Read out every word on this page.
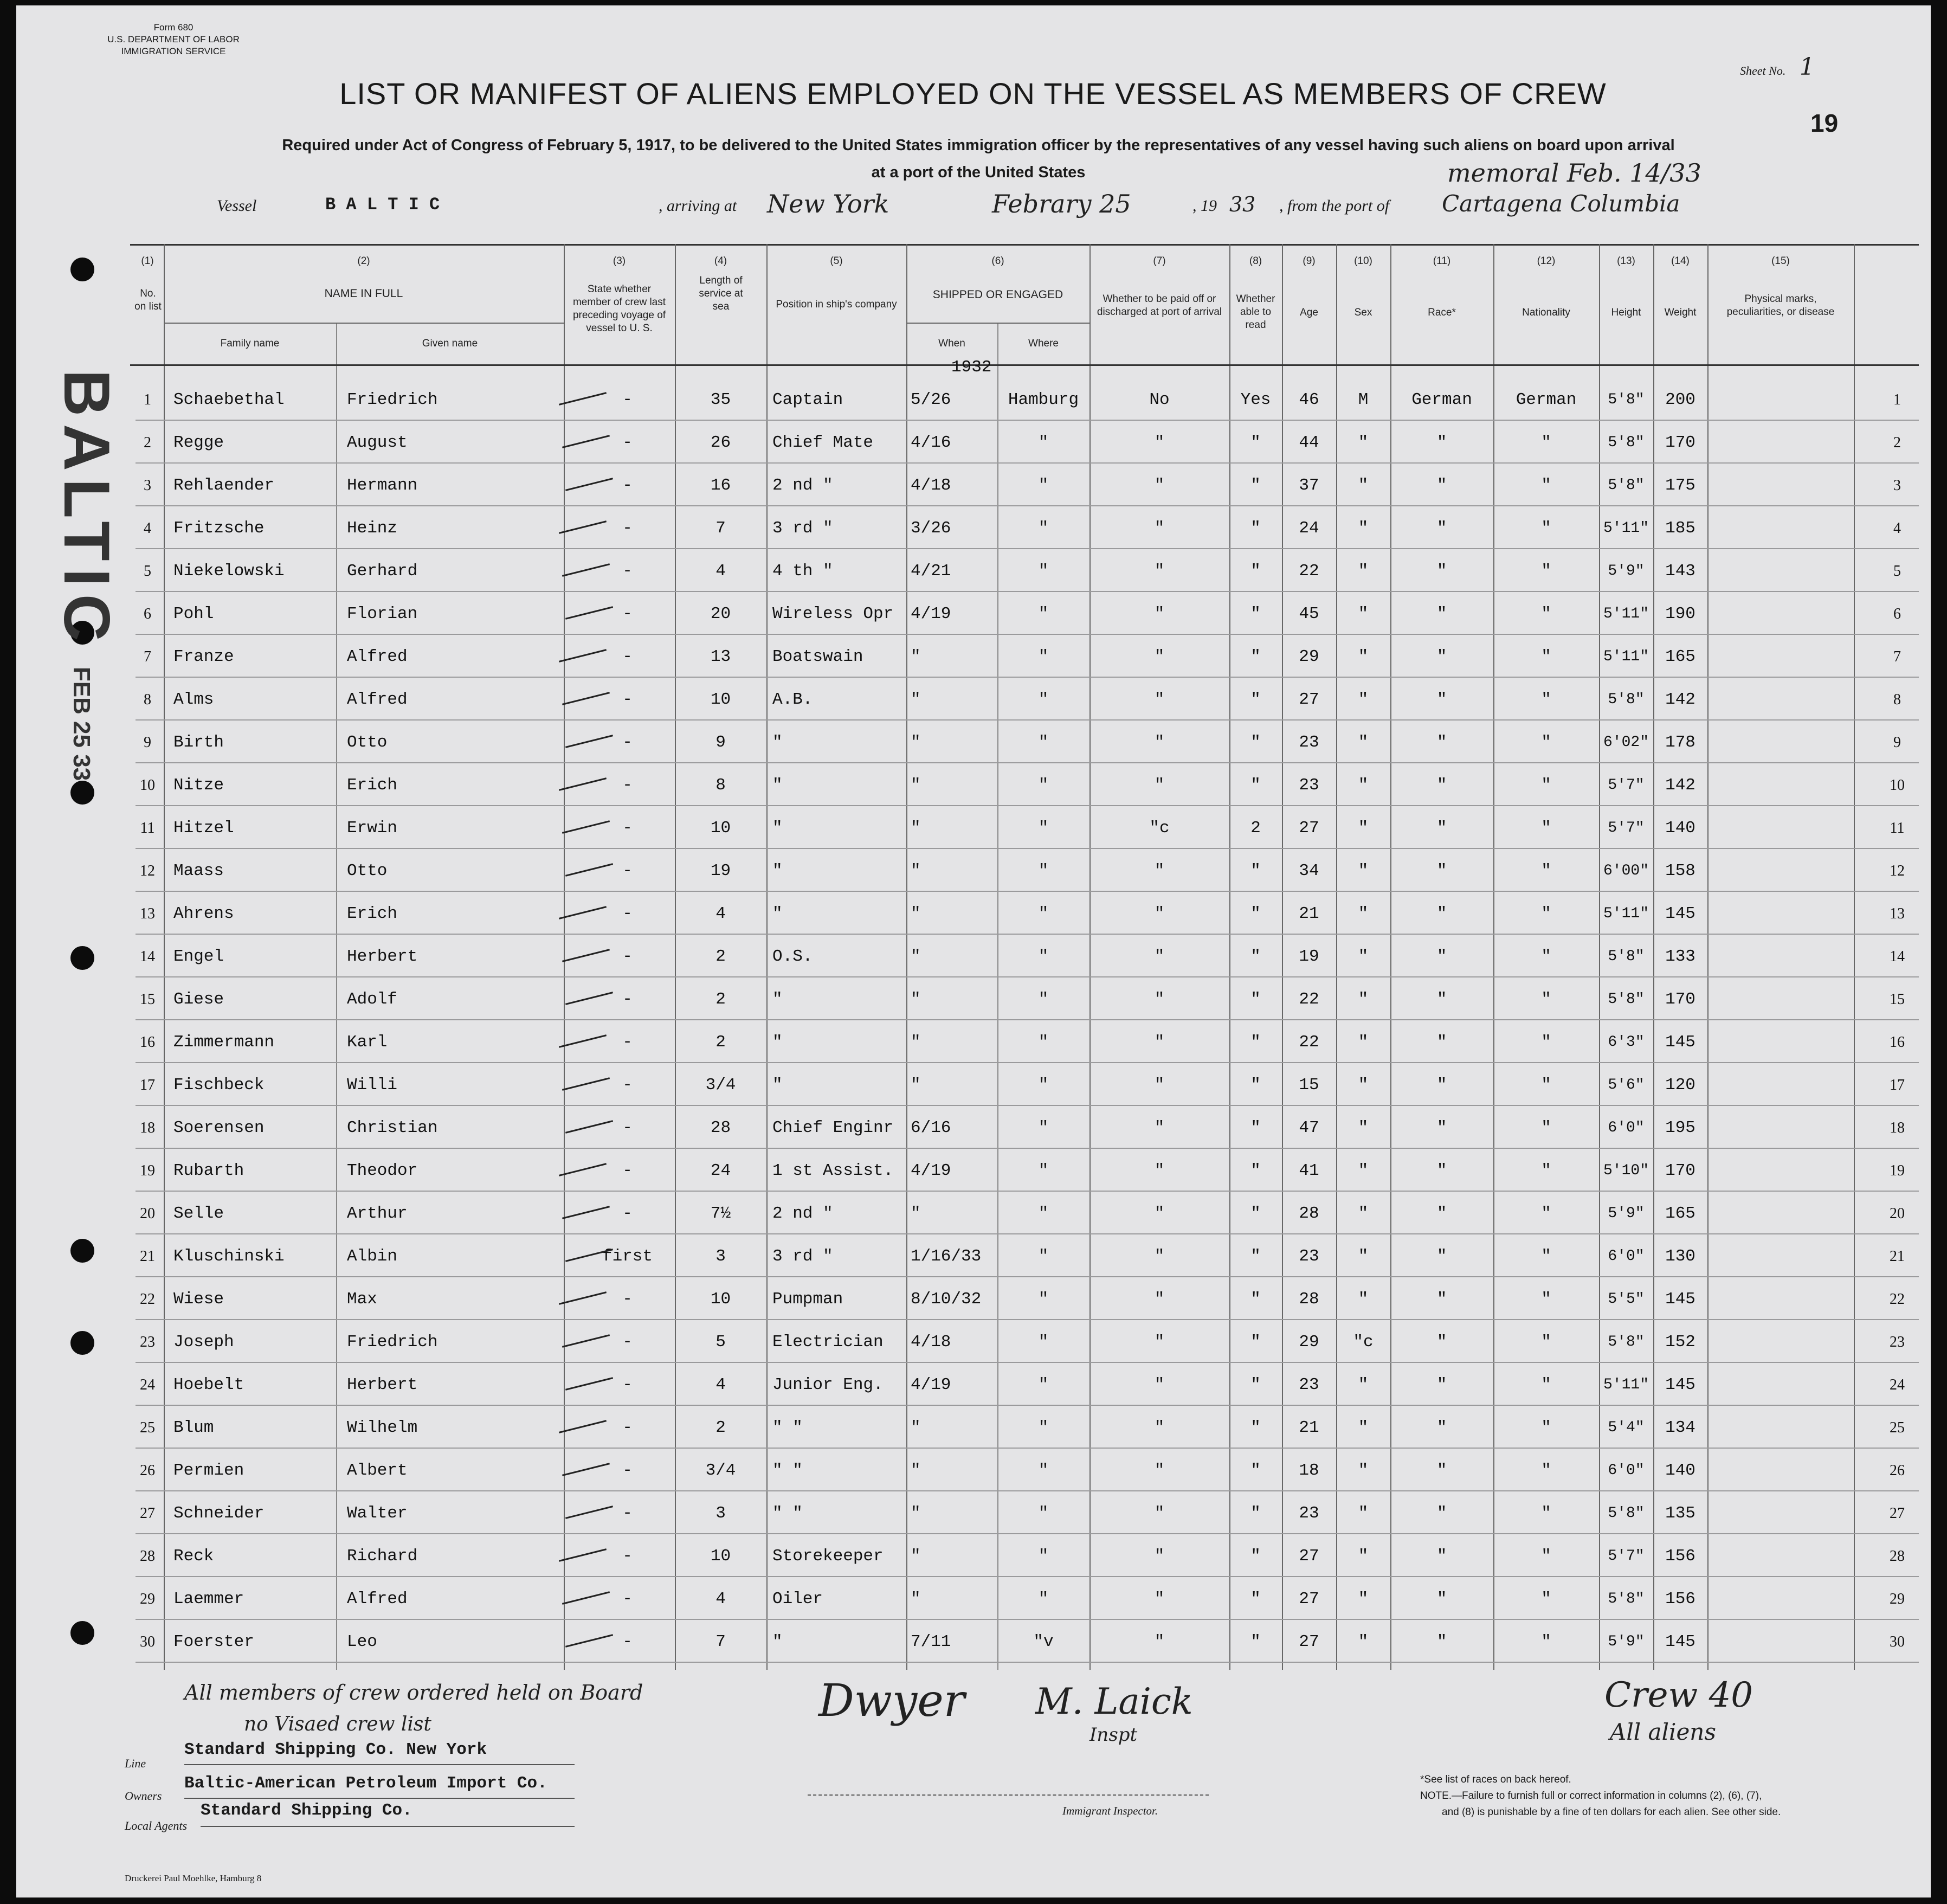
BALTIC
FEB 25 33
Form 680
U.S. DEPARTMENT OF LABOR
IMMIGRATION SERVICE
Sheet No. 1
19
LIST OR MANIFEST OF ALIENS EMPLOYED ON THE VESSEL AS MEMBERS OF CREW
Required under Act of Congress of February 5, 1917, to be delivered to the United States immigration officer by the representatives of any vessel having such aliens on board upon arrival
at a port of the United States	memoral Feb. 14/33
Vessel	B A L T I C	, arriving at New York	Febrary 25	, 19 33 , from the port of Cartagena Columbia
(1)
No. on list
(2)
NAME IN FULL
Family name	Given name
(3)
State whether member of crew last preceding voyage of vessel to U. S.
(4)
Length of service at sea
(5)
Position in ship's company
(6)
SHIPPED OR ENGAGED
When	Where
(7)
Whether to be paid off or discharged at port of arrival
(8)
Whether able to read
(9)
Age
(10)
Sex
(11)
Race*
(12)
Nationality
(13)
Height
(14)
Weight
(15)
Physical marks, peculiarities, or disease
1932
1	Schaebethal	Friedrich	-	35	Captain	5/26	Hamburg	No	Yes	46	M	German	German	5'8"	200	1
2	Regge	August	-	26	Chief Mate	4/16	"	"	"	44	"	"	"	5'8"	170	2
3	Rehlaender	Hermann	-	16	2 nd "	4/18	"	"	"	37	"	"	"	5'8"	175	3
4	Fritzsche	Heinz	-	7	3 rd "	3/26	"	"	"	24	"	"	"	5'11" 185	4
5	Niekelowski	Gerhard	-	4	4 th "	4/21	"	"	"	22	"	"	"	5'9"	143	5
6	Pohl	Florian	-	20	Wireless Opr	4/19	"	"	"	45	"	"	"	5'11" 190	6
7	Franze	Alfred	-	13	Boatswain	"	"	"	"	29	"	"	"	5'11" 165	7
8	Alms	Alfred	-	10	A.B.	"	"	"	"	27	"	"	"	5'8"	142	8
9	Birth	Otto	-	9	"	"	"	"	"	23	"	"	"	6'02" 178	9
10	Nitze	Erich	-	8	"	"	"	"	"	23	"	"	"	5'7"	142	10
11	Hitzel	Erwin	-	10	"	"	"	"c	2	27	"	"	"	5'7"	140	11
12	Maass	Otto	-	19	"	"	"	"	"	34	"	"	"	6'00" 158	12
13	Ahrens	Erich	-	4	"	"	"	"	"	21	"	"	"	5'11" 145	13
14	Engel	Herbert	-	2	O.S.	"	"	"	"	19	"	"	"	5'8"	133	14
15	Giese	Adolf	-	2	"	"	"	"	"	22	"	"	"	5'8"	170	15
16	Zimmermann	Karl	-	2	"	"	"	"	"	22	"	"	"	6'3"	145	16
17	Fischbeck	Willi	-	3/4	"	"	"	"	"	15	"	"	"	5'6"	120	17
18	Soerensen	Christian	-	28	Chief Enginr	6/16	"	"	"	47	"	"	"	6'0"	195	18
19	Rubarth	Theodor	-	24	1 st Assist.	4/19	"	"	"	41	"	"	"	5'10" 170	19
20	Selle	Arthur	-	7½	2 nd "	"	"	"	"	28	"	"	"	5'9"	165	20
21	Kluschinski	Albin	first	3	3 rd "	1/16/33	"	"	"	23	"	"	"	6'0"	130	21
22	Wiese	Max	-	10	Pumpman	8/10/32	"	"	"	28	"	"	"	5'5"	145	22
23	Joseph	Friedrich	-	5	Electrician	4/18	"	"	"	29	"c	"	"	5'8"	152	23
24	Hoebelt	Herbert	-	4	Junior Eng.	4/19	"	"	"	23	"	"	"	5'11" 145	24
25	Blum	Wilhelm	-	2	" "	"	"	"	"	21	"	"	"	5'4"	134	25
26	Permien	Albert	-	3/4	" "	"	"	"	"	18	"	"	"	6'0"	140	26
27	Schneider	Walter	-	3	" "	"	"	"	"	23	"	"	"	5'8"	135	27
28	Reck	Richard	-	10	Storekeeper	"	"	"	"	27	"	"	"	5'7"	156	28
29	Laemmer	Alfred	-	4	Oiler	"	"	"	"	27	"	"	"	5'8"	156	29
30	Foerster	Leo	-	7	"	7/11	"v	"	"	27	"	"	"	5'9"	145	30
All members of crew ordered held on Board
no Visaed crew list
Line
Standard Shipping Co. New York
Owners
Baltic-American Petroleum Import Co.
Local Agents
Standard Shipping Co.
Dwyer M. Laick
Inspt
Immigrant Inspector.
Crew 40
All aliens
*See list of races on back hereof.
NOTE.—Failure to furnish full or correct information in columns (2), (6), (7),
and (8) is punishable by a fine of ten dollars for each alien. See other side.
Druckerei Paul Moehlke, Hamburg 8
